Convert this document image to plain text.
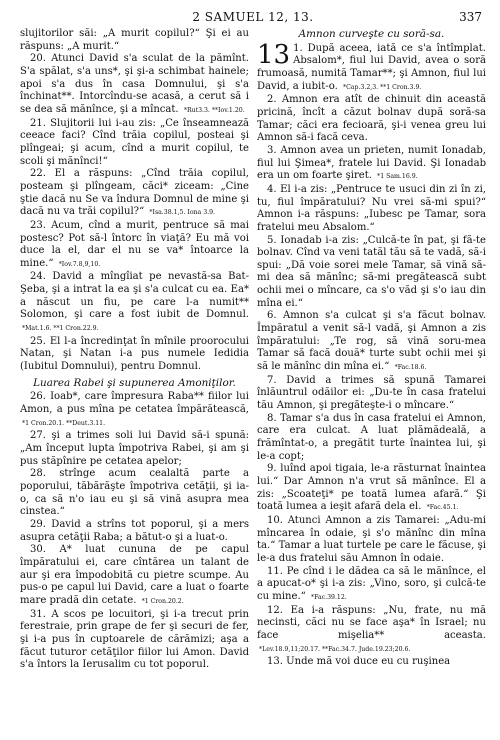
2 SAMUEL 12, 13.	337

slujitorilor săi: „A murit copilul?“ Şi ei au răspuns: „A murit.“

20. Atunci David s'a sculat de la pămînt. S'a spălat, s'a uns*, şi şi-a schimbat hainele; apoi s'a dus în casa Domnului, şi s'a închinat**. Intorcîndu-se acasă, a cerut să i se dea să mănînce, şi a mîncat. *Rut3.3. **Iov.1.20.

21. Slujitorii lui i-au zis: „Ce înseamnează ceeace faci? Cînd trăia copilul, posteai şi plîngeai; şi acum, cînd a murit copilul, te scoli şi mănînci!“

22. El a răspuns: „Cînd trăia copilul, posteam şi plîngeam, căci* ziceam: „Cine ştie dacă nu Se va îndura Domnul de mine şi dacă nu va trăi copilul?“ *Isa.38.1,5. Iona 3.9.

23. Acum, cînd a murit, pentruce să mai postesc? Pot să-l întorc în viaţă? Eu mă voi duce la el, dar el nu se va* întoarce la mine.“ *Iov.7.8,9,10.

24. David a mîngîiat pe nevastă-sa Bat-Şeba, şi a intrat la ea şi s'a culcat cu ea. Ea* a născut un fiu, pe care l-a numit** Solomon, şi care a fost iubit de Domnul. *Mat.1.6. **1 Cron.22.9.

25. El l-a încredinţat în mînile proorocului Natan, şi Natan i-a pus numele Iedidia (Iubitul Domnului), pentru Domnul.

Luarea Rabei şi supunerea Amoniţilor.

26. Ioab*, care împresura Raba** fiilor lui Amon, a pus mîna pe cetatea împărătească, *1 Cron.20.1. **Deut.3.11.

27. şi a trimes soli lui David să-i spună: „Am început lupta împotriva Rabei, şi am şi pus stăpînire pe cetatea apelor;

28. strînge acum cealaltă parte a poporului, tăbărăşte împotriva cetăţii, şi ia-o, ca să n'o iau eu şi să vină asupra mea cinstea.“

29. David a strîns tot poporul, şi a mers asupra cetăţii Raba; a bătut-o şi a luat-o.

30. A* luat cununa de pe capul împăratului ei, care cîntărea un talant de aur şi era împodobită cu pietre scumpe. Au pus-o pe capul lui David, care a luat o foarte mare pradă din cetate. *1 Cron.20.2.

31. A scos pe locuitori, şi i-a trecut prin ferestraie, prin grape de fer şi securi de fer, şi i-a pus în cuptoarele de cărămizi; aşa a făcut tuturor cetăţilor fiilor lui Amon. David s'a întors la Ierusalim cu tot poporul.

Amnon curveşte cu soră-sa.

13 1. După aceea, iată ce s'a întîmplat. Absalom*, fiul lui David, avea o soră frumoasă, numită Tamar**; şi Amnon, fiul lui David, a iubit-o. *Cap.3.2,3. **1 Cron.3.9.

2. Amnon era atît de chinuit din această pricină, încît a căzut bolnav după soră-sa Tamar; căci era fecioară, şi-i venea greu lui Amnon să-i facă ceva.

3. Amnon avea un prieten, numit Ionadab, fiul lui Şimea*, fratele lui David. Şi Ionadab era un om foarte şiret. *1 Sam.16.9.

4. El i-a zis: „Pentruce te usuci din zi în zi, tu, fiul împăratului? Nu vrei să-mi spui?“ Amnon i-a răspuns: „Iubesc pe Tamar, sora fratelui meu Absalom.“

5. Ionadab i-a zis: „Culcă-te în pat, şi fă-te bolnav. Cînd va veni tatăl tău să te vadă, să-i spui: „Dă voie sorei mele Tamar, să vină să-mi dea să mănînc; să-mi pregătească subt ochii mei o mîncare, ca s'o văd şi s'o iau din mîna ei.“

6. Amnon s'a culcat şi s'a făcut bolnav. Împăratul a venit să-l vadă, şi Amnon a zis împăratului: „Te rog, să vină soru-mea Tamar să facă două* turte subt ochii mei şi să le mănînc din mîna ei.“ *Fac.18.6.

7. David a trimes să spună Tamarei înlăuntrul odăilor ei: „Du-te în casa fratelui tău Amnon, şi pregăteşte-i o mîncare.“

8. Tamar s'a dus în casa fratelui ei Amnon, care era culcat. A luat plămădeală, a frămîntat-o, a pregătit turte înaintea lui, şi le-a copt;

9. luînd apoi tigaia, le-a răsturnat înaintea lui.“ Dar Amnon n'a vrut să mănînce. El a zis: „Scoateţi* pe toată lumea afară.“ Şi toată lumea a ieşit afară dela el. *Fac.45.1.

10. Atunci Amnon a zis Tamarei: „Adu-mi mîncarea în odaie, şi s'o mănînc din mîna ta.“ Tamar a luat turtele pe care le făcuse, şi le-a dus fratelui său Amnon în odaie.

11. Pe cînd i le dădea ca să le mănînce, el a apucat-o* şi i-a zis: „Vino, soro, şi culcă-te cu mine.“ *Fac.39.12.

12. Ea i-a răspuns: „Nu, frate, nu mă necinsti, căci nu se face aşa* în Israel; nu face mişelia** aceasta. *Lev.18.9,11;20.17. **Fac.34.7. Jude.19.23;20.6.

13. Unde mă voi duce eu cu ruşinea
